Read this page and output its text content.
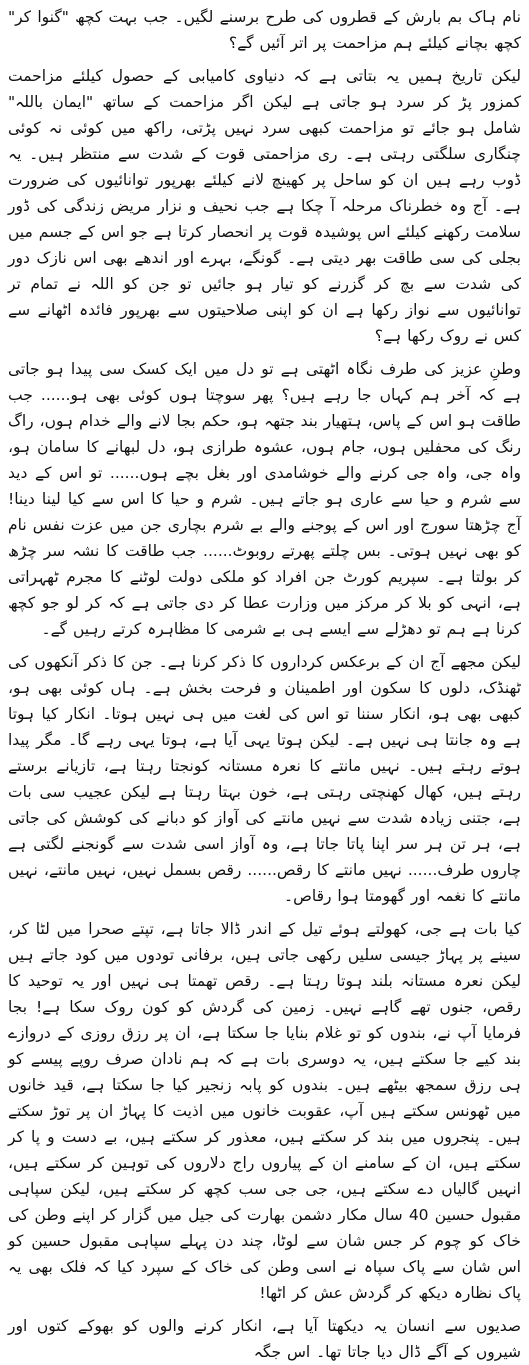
نام ہاک بم بارش کے قطروں کی طرح برسنے لگیں۔ جب بہت کچھ "گنوا کر" کچھ بچانے کیلئے ہم مزاحمت پر اتر آئیں گے؟

لیکن تاریخ ہمیں یہ بتاتی ہے کہ دنیاوی کامیابی کے حصول کیلئے مزاحمت کمزور پڑ کر سرد ہو جاتی ہے لیکن اگر مزاحمت کے ساتھ "ایمان باللہ" شامل ہو جائے تو مزاحمت کبھی سرد نہیں پڑتی، راکھ میں کوئی نہ کوئی چنگاری سلگتی رہتی ہے۔ ری مزاحمتی قوت کے شدت سے منتظر ہیں۔ یہ ڈوب رہے ہیں ان کو ساحل پر کھینچ لانے کیلئے بھرپور توانائیوں کی ضرورت ہے۔ آج وہ خطرناک مرحلہ آ چکا ہے جب نحیف و نزار مریض زندگی کی ڈور سلامت رکھنے کیلئے اس پوشیدہ قوت پر انحصار کرتا ہے جو اس کے جسم میں بجلی کی سی طاقت بھر دیتی ہے۔ گونگے، بہرے اور اندھے بھی اس نازک دور کی شدت سے بچ کر گزرنے کو تیار ہو جائیں تو جن کو اللہ نے تمام تر توانائیوں سے نواز رکھا ہے ان کو اپنی صلاحیتوں سے بھرپور فائدہ اٹھانے سے کس نے روک رکھا ہے؟

وطنِ عزیز کی طرف نگاہ اٹھتی ہے تو دل میں ایک کسک سی پیدا ہو جاتی ہے کہ آخر ہم کہاں جا رہے ہیں؟ پھر سوچتا ہوں کوئی بھی ہو...... جب طاقت ہو اس کے پاس، ہتھیار بند جتھہ ہو، حکم بجا لانے والے خدام ہوں، راگ رنگ کی محفلیں ہوں، جام ہوں، عشوہ طرازی ہو، دل لبھانے کا سامان ہو، واہ جی، واہ جی کرنے والے خوشامدی اور بغل بچے ہوں...... تو اس کے دید سے شرم و حیا سے عاری ہو جاتے ہیں۔ شرم و حیا کا اس سے کیا لینا دینا! آج چڑھتا سورج اور اس کے پوجنے والے بے شرم بچاری جن میں عزت نفس نام کو بھی نہیں ہوتی۔ بس چلتے پھرتے روبوٹ...... جب طاقت کا نشہ سر چڑھ کر بولتا ہے۔ سپریم کورٹ جن افراد کو ملکی دولت لوٹنے کا مجرم ٹھہراتی ہے، انہی کو بلا کر مرکز میں وزارت عطا کر دی جاتی ہے کہ کر لو جو کچھ کرنا ہے ہم تو دھڑلے سے ایسے ہی بے شرمی کا مظاہرہ کرتے رہیں گے۔

لیکن مجھے آج ان کے برعکس کرداروں کا ذکر کرنا ہے۔ جن کا ذکر آنکھوں کی ٹھنڈک، دلوں کا سکون اور اطمینان و فرحت بخش ہے۔ ہاں کوئی بھی ہو، کبھی بھی ہو، انکار سننا تو اس کی لغت میں ہی نہیں ہوتا۔ انکار کیا ہوتا ہے وہ جانتا ہی نہیں ہے۔ لیکن ہوتا یہی آیا ہے، ہوتا یہی رہے گا۔ مگر پیدا ہوتے رہتے ہیں۔ نہیں مانتے کا نعرہ مستانہ کونجتا رہتا ہے، تازیانے برستے رہتے ہیں، کھال کھنچتی رہتی ہے، خون بہتا رہتا ہے لیکن عجیب سی بات ہے، جتنی زیادہ شدت سے نہیں مانتے کی آواز کو دبانے کی کوشش کی جاتی ہے، ہر تن ہر سر اپنا پاتا جاتا ہے، وہ آواز اسی شدت سے گونجنے لگتی ہے چاروں طرف...... نہیں مانتے کا رقص...... رقص بسمل نہیں، نہیں مانتے، نہیں مانتے کا نغمہ اور گھومتا ہوا رقاص۔

کیا بات ہے جی، کھولتے ہوئے تیل کے اندر ڈالا جاتا ہے، تپتے صحرا میں لٹا کر، سینے پر پہاڑ جیسی سلیں رکھی جاتی ہیں، برفانی تودوں میں کود جاتے ہیں لیکن نعرہ مستانہ بلند ہوتا رہتا ہے۔ رقص تھمتا ہی نہیں اور یہ توحید کا رقص، جنوں تھے گاہے نہیں۔ زمین کی گردش کو کون روک سکا ہے! بجا فرمایا آپ نے، بندوں کو تو غلام بنایا جا سکتا ہے، ان پر رزق روزی کے دروازے بند کیے جا سکتے ہیں، یہ دوسری بات ہے کہ ہم نادان صرف روپے پیسے کو ہی رزق سمجھ بیٹھے ہیں۔ بندوں کو پابہ زنجیر کیا جا سکتا ہے، قید خانوں میں ٹھونس سکتے ہیں آپ، عقوبت خانوں میں اذیت کا پہاڑ ان پر توڑ سکتے ہیں۔ پنجروں میں بند کر سکتے ہیں، معذور کر سکتے ہیں، بے دست و پا کر سکتے ہیں، ان کے سامنے ان کے پیاروں راج دلاروں کی توہین کر سکتے ہیں، انہیں گالیاں دے سکتے ہیں، جی جی سب کچھ کر سکتے ہیں، لیکن سپاہی مقبول حسین 40 سال مکار دشمن بھارت کی جیل میں گزار کر اپنے وطن کی خاک کو چوم کر جس شان سے لوٹا، چند دن پہلے سپاہی مقبول حسین کو اس شان سے پاک سپاہ نے اسی وطن کی خاک کے سپرد کیا کہ فلک بھی یہ پاک نظارہ دیکھ کر گردش عش کر اٹھا!

صدیوں سے انسان یہ دیکھتا آیا ہے، انکار کرنے والوں کو بھوکے کتوں اور شیروں کے آگے ڈال دیا جاتا تھا۔ اس جگہ
